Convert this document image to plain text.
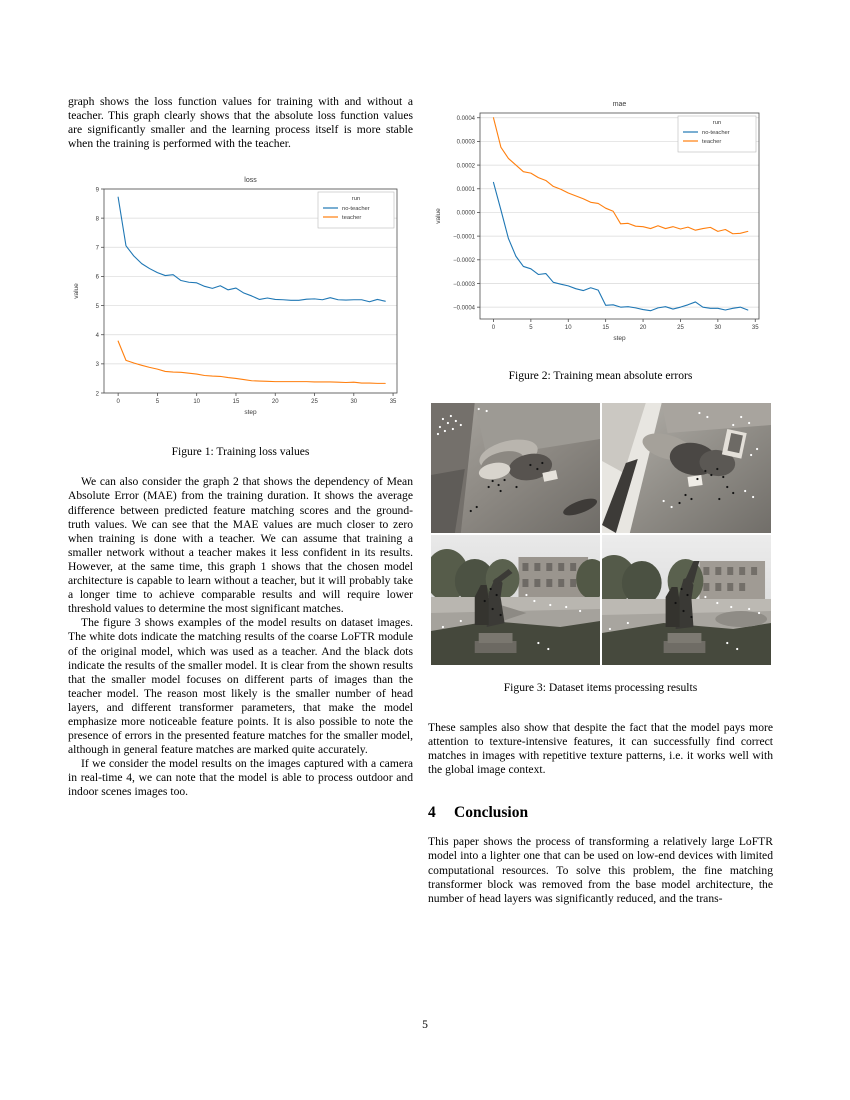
graph shows the loss function values for training with and without a teacher. This graph clearly shows that the absolute loss function values are significantly smaller and the learning process itself is more stable when the training is performed with the teacher.

loss
2
3
4
5
6
7
8
9
0	5	10	15	20	25	30	35
step
value
run
no-teacher
teacher

Figure 1: Training loss values

We can also consider the graph 2 that shows the dependency of Mean Absolute Error (MAE) from the training duration. It shows the average difference between predicted feature matching scores and the ground-truth values. We can see that the MAE values are much closer to zero when training is done with a teacher. We can assume that training a smaller network without a teacher makes it less confident in its results. However, at the same time, this graph 1 shows that the chosen model architecture is capable to learn without a teacher, but it will probably take a longer time to achieve comparable results and will require lower threshold values to determine the most significant matches.

The figure 3 shows examples of the model results on dataset images. The white dots indicate the matching results of the coarse LoFTR module of the original model, which was used as a teacher. And the black dots indicate the results of the smaller model. It is clear from the shown results that the smaller model focuses on different parts of images than the teacher model. The reason most likely is the smaller number of head layers, and different transformer parameters, that make the model emphasize more noticeable feature points. It is also possible to note the presence of errors in the presented feature matches for the smaller model, although in general feature matches are marked quite accurately.

If we consider the model results on the images captured with a camera in real-time 4, we can note that the model is able to process outdoor and indoor scenes images too.

mae
0.0004
0.0003
0.0002
0.0001
0.0000
−0.0001
−0.0002
−0.0003
−0.0004
0	5	10	15	20	25	30	35
step
value
run
no-teacher
teacher

Figure 2: Training mean absolute errors

Figure 3: Dataset items processing results

These samples also show that despite the fact that the model pays more attention to texture-intensive features, it can successfully find correct matches in images with repetitive texture patterns, i.e. it works well with the global image context.

4 Conclusion

This paper shows the process of transforming a relatively large LoFTR model into a lighter one that can be used on low-end devices with limited computational resources. To solve this problem, the fine matching transformer block was removed from the base model architecture, the number of head layers was significantly reduced, and the trans-

5
